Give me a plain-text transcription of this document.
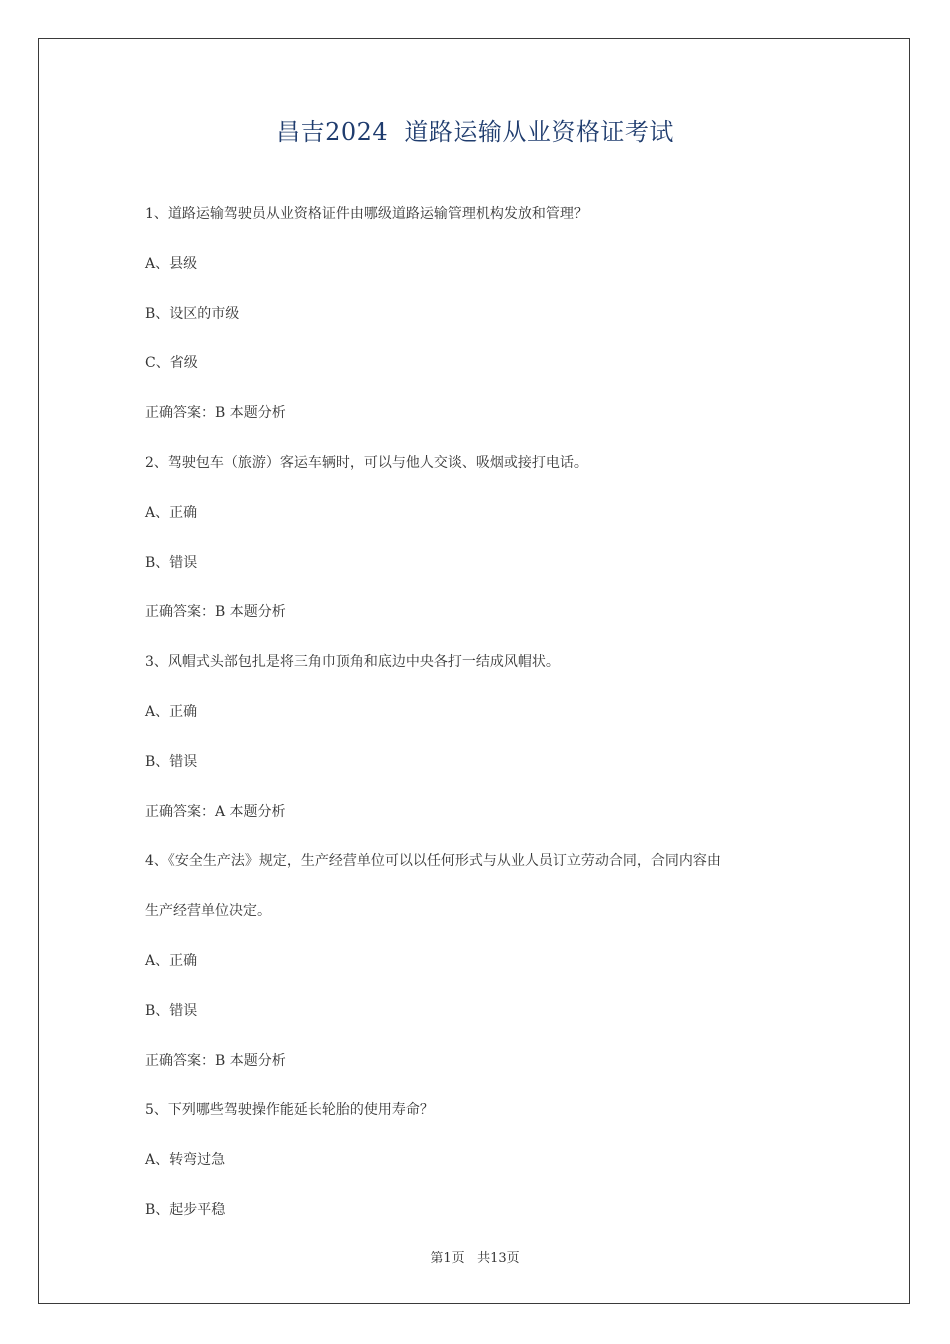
昌吉2024  道路运输从业资格证考试
1、道路运输驾驶员从业资格证件由哪级道路运输管理机构发放和管理？
A、县级
B、设区的市级
C、省级
正确答案：B 本题分析
2、驾驶包车（旅游）客运车辆时，可以与他人交谈、吸烟或接打电话。
A、正确
B、错误
正确答案：B 本题分析
3、风帽式头部包扎是将三角巾顶角和底边中央各打一结成风帽状。
A、正确
B、错误
正确答案：A 本题分析
4、《安全生产法》规定，生产经营单位可以以任何形式与从业人员订立劳动合同，合同内容由
生产经营单位决定。
A、正确
B、错误
正确答案：B 本题分析
5、下列哪些驾驶操作能延长轮胎的使用寿命？
A、转弯过急
B、起步平稳
第1页 共13页
